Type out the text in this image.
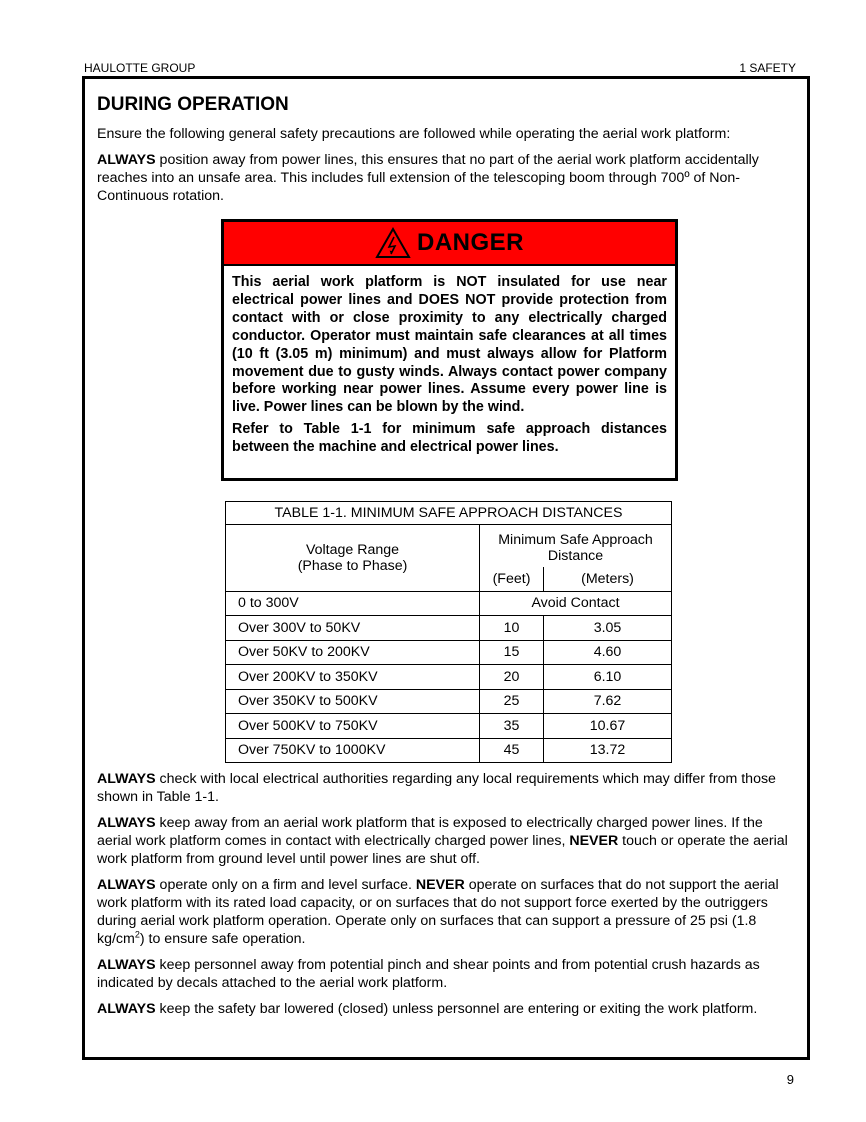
HAULOTTE GROUP	1 SAFETY
DURING OPERATION

Ensure the following general safety precautions are followed while operating the aerial work platform:

ALWAYS position away from power lines, this ensures that no part of the aerial work platform accidentally reaches into an unsafe area. This includes full extension of the telescoping boom through 700º of Non-Continuous rotation.

DANGER

This aerial work platform is NOT insulated for use near electrical power lines and DOES NOT provide protection from contact with or close proximity to any electrically charged conductor. Operator must maintain safe clearances at all times (10 ft (3.05 m) minimum) and must always allow for Platform movement due to gusty winds. Always contact power company before working near power lines. Assume every power line is live. Power lines can be blown by the wind.

Refer to Table 1-1 for minimum safe approach distances between the machine and electrical power lines.

TABLE 1-1. MINIMUM SAFE APPROACH DISTANCES		

Voltage Range
(Phase to Phase)	Minimum Safe Approach Distance	
	(Feet)	(Meters)
0 to 300V	Avoid Contact	
Over 300V to 50KV	10	3.05
Over 50KV to 200KV	15	4.60
Over 200KV to 350KV	20	6.10
Over 350KV to 500KV	25	7.62
Over 500KV to 750KV	35	10.67
Over 750KV to 1000KV	45	13.72

ALWAYS check with local electrical authorities regarding any local requirements which may differ from those shown in Table 1-1.

ALWAYS keep away from an aerial work platform that is exposed to electrically charged power lines. If the aerial work platform comes in contact with electrically charged power lines, NEVER touch or operate the aerial work platform from ground level until power lines are shut off.

ALWAYS operate only on a firm and level surface. NEVER operate on surfaces that do not support the aerial work platform with its rated load capacity, or on surfaces that do not support force exerted by the outriggers during aerial work platform operation. Operate only on surfaces that can support a pressure of 25 psi (1.8 $kg/cm^2$) to ensure safe operation.

ALWAYS keep personnel away from potential pinch and shear points and from potential crush hazards as indicated by decals attached to the aerial work platform.

ALWAYS keep the safety bar lowered (closed) unless personnel are entering or exiting the work platform.

9
